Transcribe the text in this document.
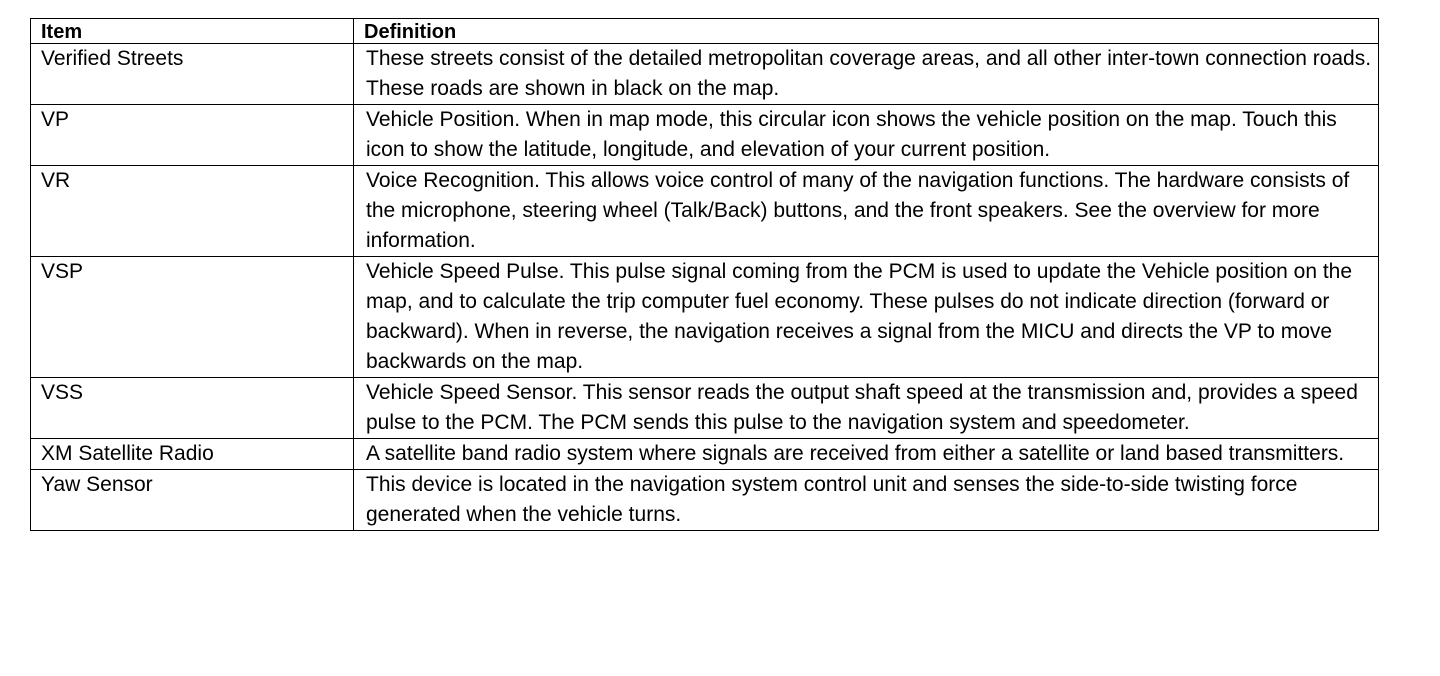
Item	Definition
Verified Streets	These streets consist of the detailed metropolitan coverage areas, and all other inter-town connection roads. These roads are shown in black on the map.
VP	Vehicle Position. When in map mode, this circular icon shows the vehicle position on the map. Touch this icon to show the latitude, longitude, and elevation of your current position.
VR	Voice Recognition. This allows voice control of many of the navigation functions. The hardware consists of the microphone, steering wheel (Talk/Back) buttons, and the front speakers. See the overview for more information.
VSP	Vehicle Speed Pulse. This pulse signal coming from the PCM is used to update the Vehicle position on the map, and to calculate the trip computer fuel economy. These pulses do not indicate direction (forward or backward). When in reverse, the navigation receives a signal from the MICU and directs the VP to move backwards on the map.
VSS	Vehicle Speed Sensor. This sensor reads the output shaft speed at the transmission and, provides a speed pulse to the PCM. The PCM sends this pulse to the navigation system and speedometer.
XM Satellite Radio	A satellite band radio system where signals are received from either a satellite or land based transmitters.
Yaw Sensor	This device is located in the navigation system control unit and senses the side-to-side twisting force generated when the vehicle turns.
